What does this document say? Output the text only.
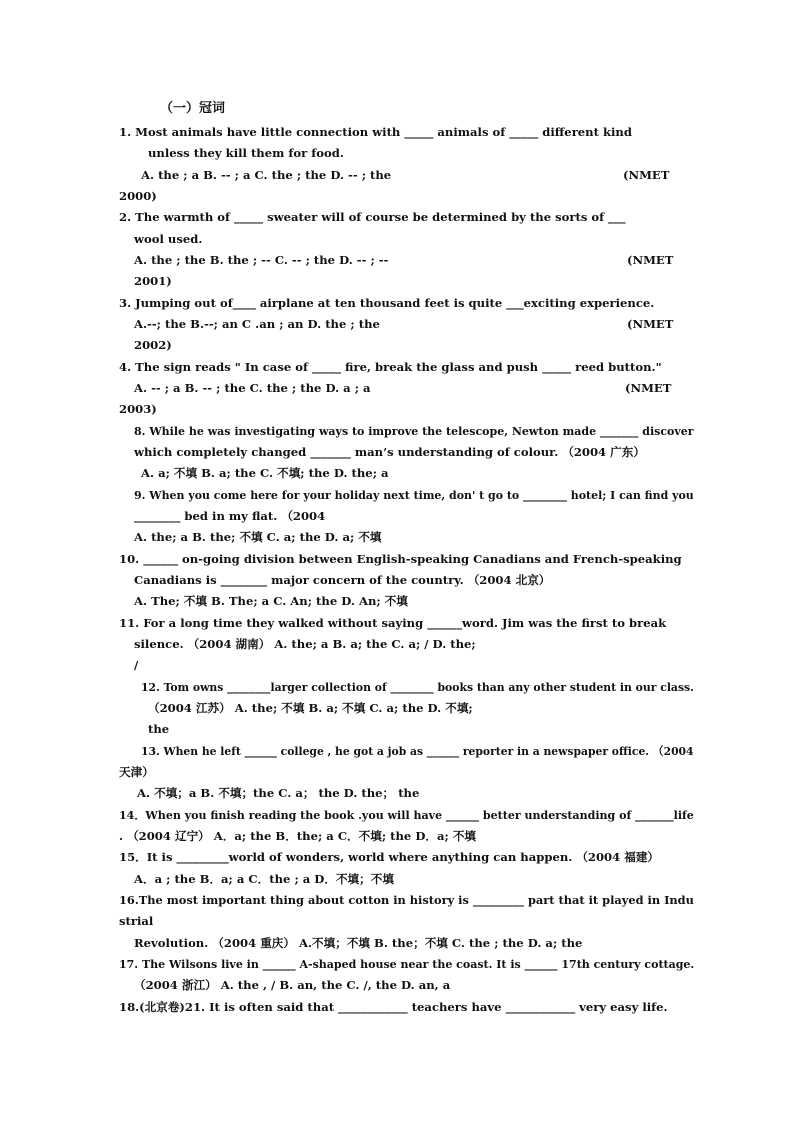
（一）冠词
1. Most animals have little connection with _____ animals of _____ different kind
unless they kill them for food.
A. the ; a B. -- ; a C. the ; the D. -- ; the	(NMET
2000)
2. The warmth of _____ sweater will of course be determined by the sorts of ___
wool used.
A. the ; the B. the ; -- C. -- ; the D. -- ; --	(NMET
2001)
3. Jumping out of____ airplane at ten thousand feet is quite ___exciting experience.
A.--; the B.--; an C .an ; an D. the ; the	(NMET
2002)
4. The sign reads " In case of _____ fire, break the glass and push _____ reed button."
A. -- ; a B. -- ; the C. the ; the D. a ; a	(NMET
2003)
8. While he was investigating ways to improve the telescope, Newton made _______ discover
which completely changed _______ man’s understanding of colour. （2004 广东）
A. a; 不填 B. a; the C. 不填; the D. the; a
9. When you come here for your holiday next time, don' t go to ________ hotel; I can find you
________ bed in my flat. （2004
A. the; a B. the; 不填 C. a; the D. a; 不填
10. ______ on-going division between English-speaking Canadians and French-speaking
Canadians is ________ major concern of the country. （2004 北京）
A. The; 不填 B. The; a C. An; the D. An; 不填
11. For a long time they walked without saying ______word. Jim was the first to break
silence. （2004 湖南） A. the; a B. a; the C. a; / D. the;
/
12. Tom owns ________larger collection of ________ books than any other student in our class.
（2004 江苏） A. the; 不填 B. a; 不填 C. a; the D. 不填;
the
13. When he left ______ college , he got a job as ______ reporter in a newspaper office. （2004
天津）
A. 不填；a B. 不填；the C. a； the D. the； the
14．When you finish reading the book .you will have ______ better understanding of _______life
. （2004 辽宁） A．a; the B．the; a C．不填; the D．a; 不填
15．It is _________world of wonders, world where anything can happen. （2004 福建）
A．a ; the B．a; a C．the ; a D．不填；不填
16.The most important thing about cotton in history is _________ part that it played in Indu
strial
Revolution. （2004 重庆） A.不填；不填 B. the；不填 C. the ; the D. a; the
17. The Wilsons live in ______ A-shaped house near the coast. It is ______ 17th century cottage.
（2004 浙江） A. the , / B. an, the C. /, the D. an, a
18.(北京卷)21. It is often said that ____________ teachers have ____________ very easy life.
